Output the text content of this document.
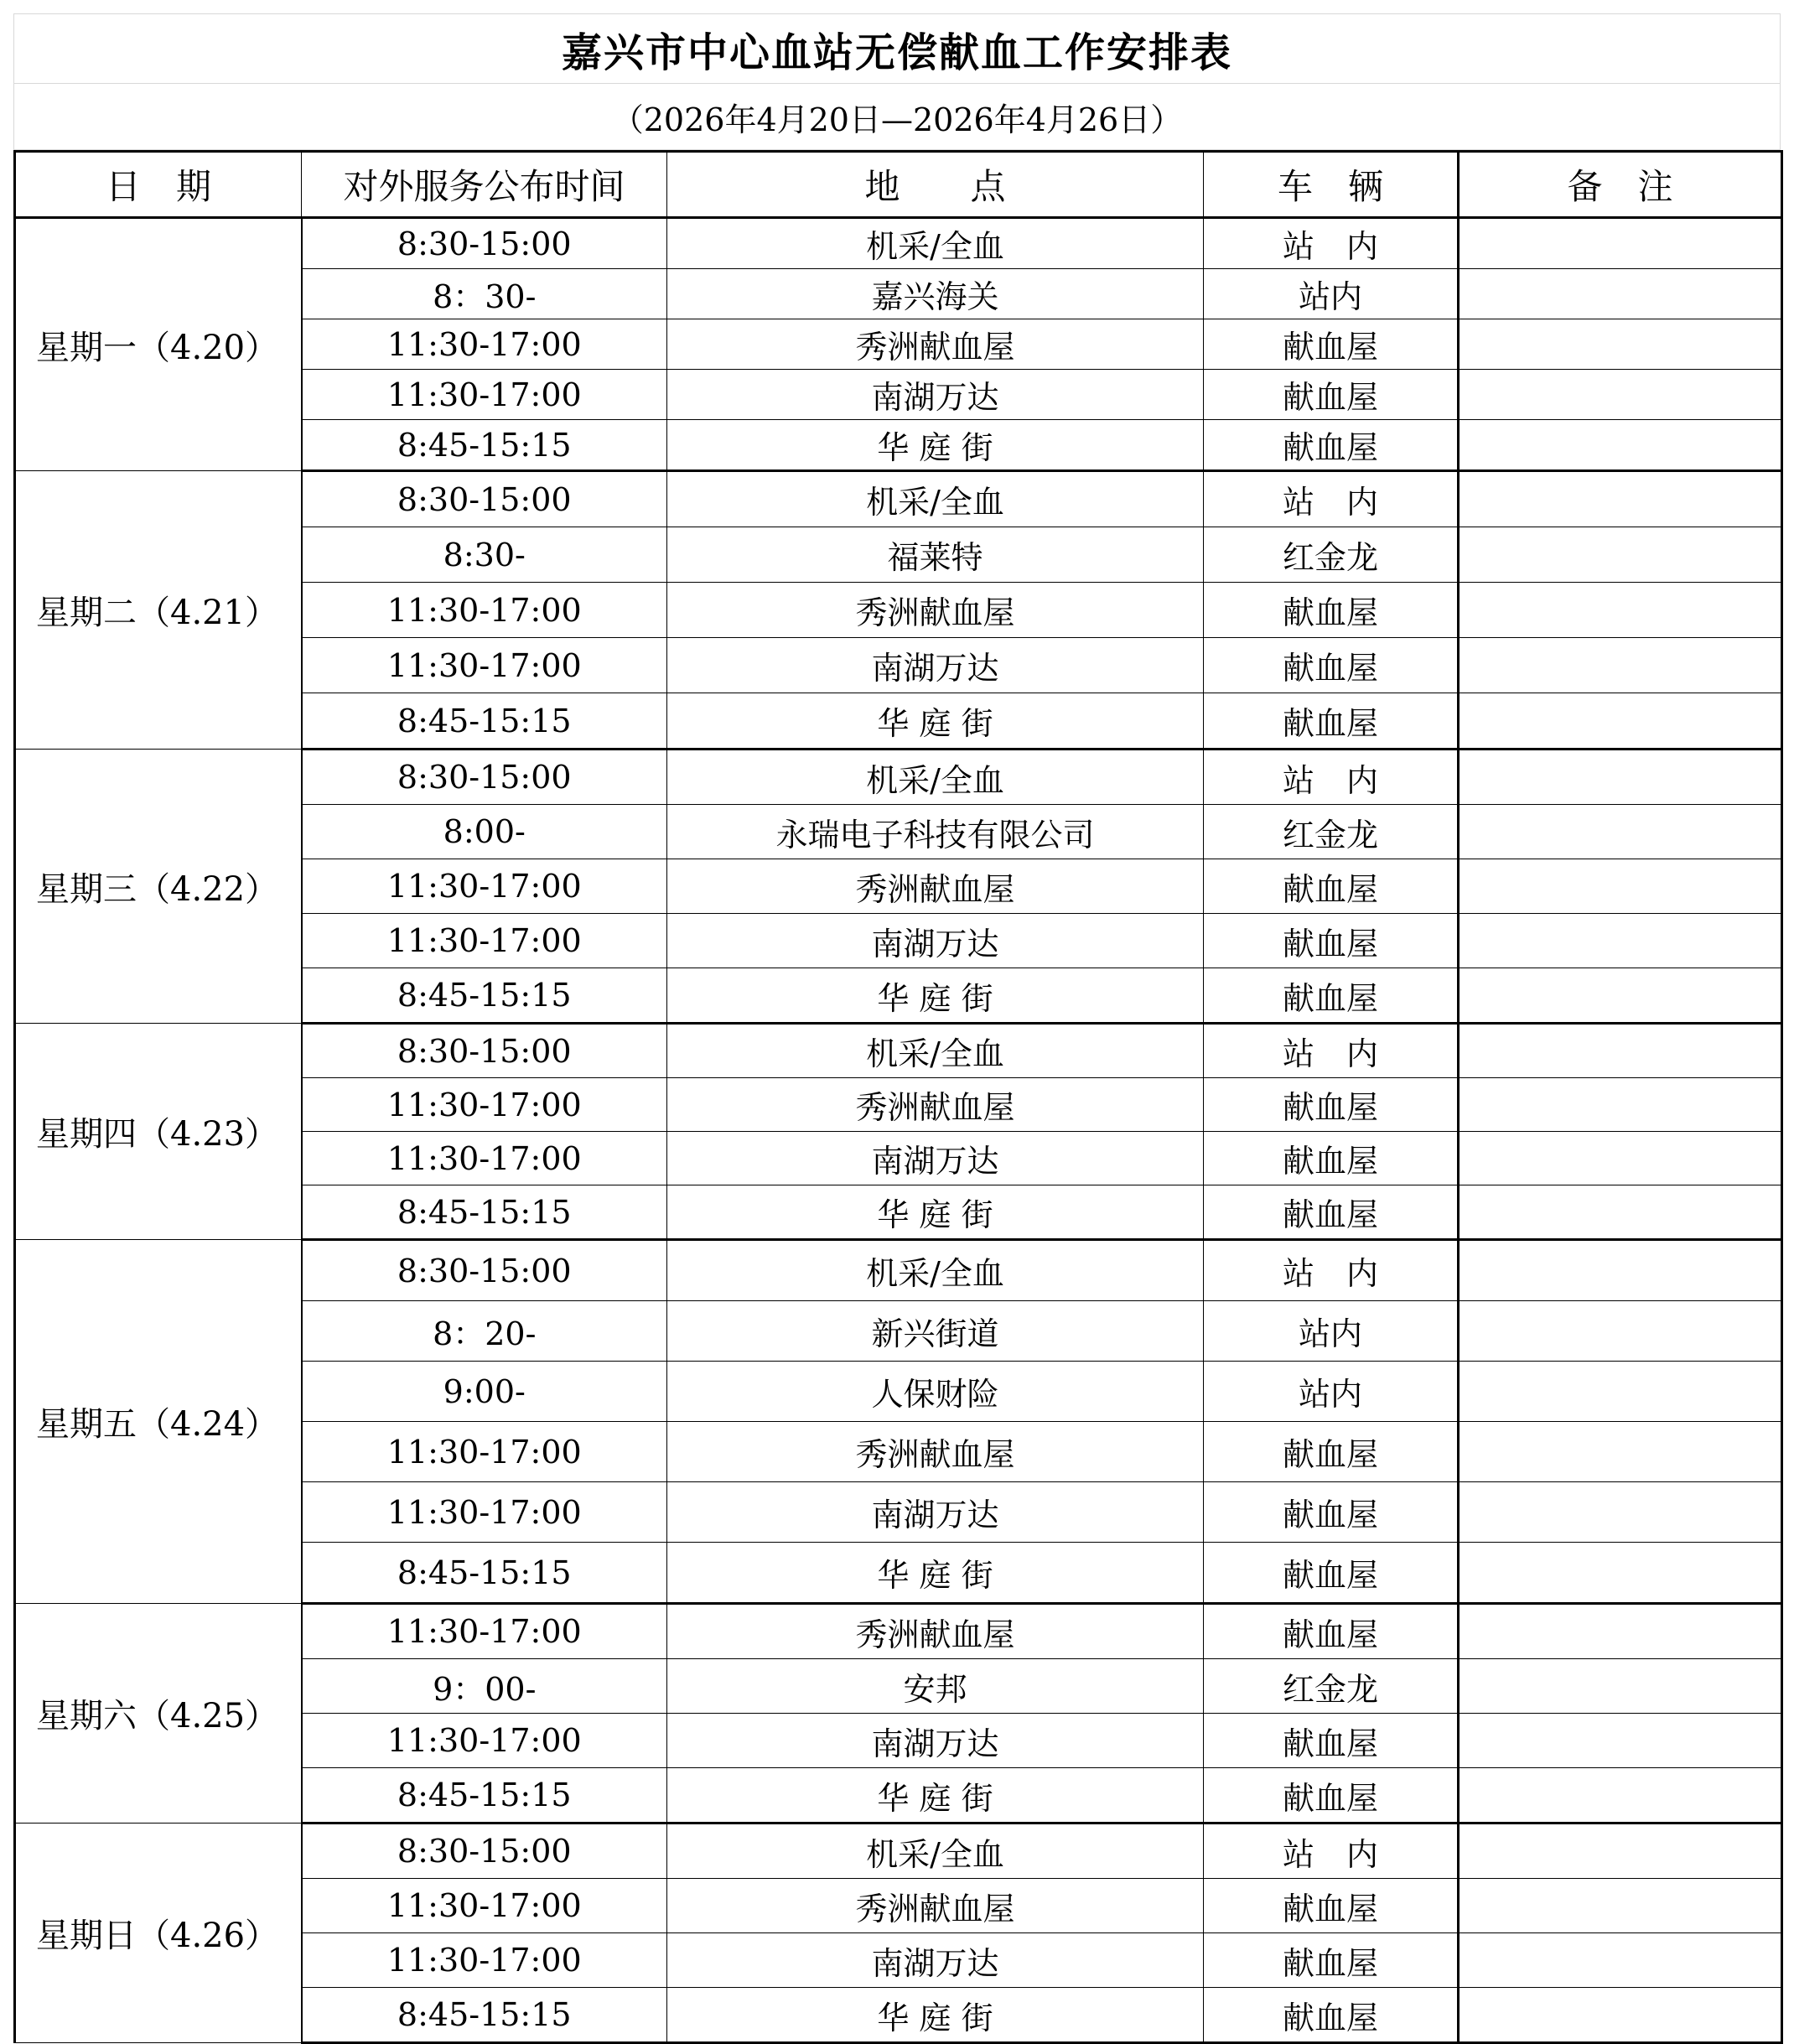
嘉兴市中心血站无偿献血工作安排表
（2026年4月20日—2026年4月26日）
日　期	对外服务公布时间	地　　点	车　辆	备　注
星期一（4.20）	8:30-15:00	机采/全血	站　内	
	8：30-	嘉兴海关	站内	
	11:30-17:00	秀洲献血屋	献血屋	
	11:30-17:00	南湖万达	献血屋	
	8:45-15:15	华 庭 街	献血屋	
星期二（4.21）	8:30-15:00	机采/全血	站　内	
	8:30-	福莱特	红金龙	
	11:30-17:00	秀洲献血屋	献血屋	
	11:30-17:00	南湖万达	献血屋	
	8:45-15:15	华 庭 街	献血屋	
星期三（4.22）	8:30-15:00	机采/全血	站　内	
	8:00-	永瑞电子科技有限公司	红金龙	
	11:30-17:00	秀洲献血屋	献血屋	
	11:30-17:00	南湖万达	献血屋	
	8:45-15:15	华 庭 街	献血屋	
星期四（4.23）	8:30-15:00	机采/全血	站　内	
	11:30-17:00	秀洲献血屋	献血屋	
	11:30-17:00	南湖万达	献血屋	
	8:45-15:15	华 庭 街	献血屋	
星期五（4.24）	8:30-15:00	机采/全血	站　内	
	8：20-	新兴街道	站内	
	9:00-	人保财险	站内	
	11:30-17:00	秀洲献血屋	献血屋	
	11:30-17:00	南湖万达	献血屋	
	8:45-15:15	华 庭 街	献血屋	
星期六（4.25）	11:30-17:00	秀洲献血屋	献血屋	
	9：00-	安邦	红金龙	
	11:30-17:00	南湖万达	献血屋	
	8:45-15:15	华 庭 街	献血屋	
星期日（4.26）	8:30-15:00	机采/全血	站　内	
	11:30-17:00	秀洲献血屋	献血屋	
	11:30-17:00	南湖万达	献血屋	
	8:45-15:15	华 庭 街	献血屋	
